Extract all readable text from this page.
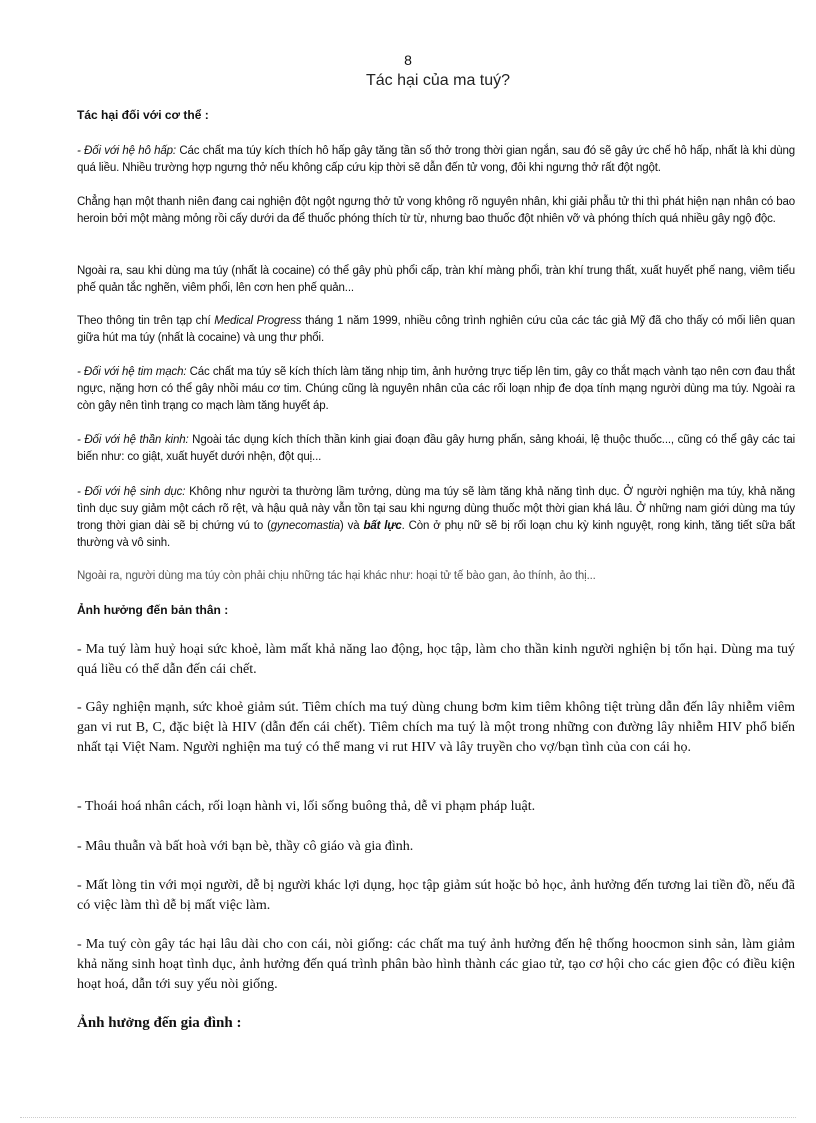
8
Tác hại của ma tuý?
Tác hại đối với cơ thể :
- Đối với hệ hô hấp: Các chất ma túy kích thích hô hấp gây tăng tần số thở trong thời gian ngắn, sau đó sẽ gây ức chế hô hấp, nhất là khi dùng quá liều. Nhiều trường hợp ngưng thở nếu không cấp cứu kịp thời sẽ dẫn đến tử vong, đôi khi ngưng thở rất đột ngột.
Chẳng hạn một thanh niên đang cai nghiện đột ngột ngưng thở tử vong không rõ nguyên nhân, khi giải phẫu tử thi thì phát hiện nạn nhân có bao heroin bởi một màng mỏng rồi cấy dưới da để thuốc phóng thích từ từ, nhưng bao thuốc đột nhiên vỡ và phóng thích quá nhiều gây ngộ độc.
Ngoài ra, sau khi dùng ma túy (nhất là cocaine) có thể gây phù phổi cấp, tràn khí màng phổi, tràn khí trung thất, xuất huyết phế nang, viêm tiểu phế quản tắc nghẽn, viêm phổi, lên cơn hen phế quản...
Theo thông tin trên tạp chí Medical Progress tháng 1 năm 1999, nhiều công trình nghiên cứu của các tác giả Mỹ đã cho thấy có mối liên quan giữa hút ma túy (nhất là cocaine) và ung thư phổi.
- Đối với hệ tim mạch: Các chất ma túy sẽ kích thích làm tăng nhịp tim, ảnh hưởng trực tiếp lên tim, gây co thắt mạch vành tạo nên cơn đau thắt ngực, nặng hơn có thể gây nhồi máu cơ tim. Chúng cũng là nguyên nhân của các rối loạn nhịp đe dọa tính mạng người dùng ma túy. Ngoài ra còn gây nên tình trạng co mạch làm tăng huyết áp.
- Đối với hệ thần kinh: Ngoài tác dụng kích thích thần kinh giai đoạn đầu gây hưng phấn, sảng khoái, lệ thuộc thuốc..., cũng có thể gây các tai biến như: co giật, xuất huyết dưới nhện, đột quị...
- Đối với hệ sinh dục: Không như người ta thường lầm tưởng, dùng ma túy sẽ làm tăng khả năng tình dục. Ở người nghiện ma túy, khả năng tình dục suy giảm một cách rõ rệt, và hậu quả này vẫn tồn tại sau khi ngưng dùng thuốc một thời gian khá lâu. Ở những nam giới dùng ma túy trong thời gian dài sẽ bị chứng vú to (gynecomastia) và bất lực. Còn ở phụ nữ sẽ bị rối loạn chu kỳ kinh nguyệt, rong kinh, tăng tiết sữa bất thường và vô sinh.
Ngoài ra, người dùng ma túy còn phải chịu những tác hại khác như: hoại tử tế bào gan, ảo thính, ảo thị...
Ảnh hưởng đến bản thân :
- Ma tuý làm huỷ hoại sức khoẻ, làm mất khả năng lao động, học tập, làm cho thần kinh người nghiện bị tổn hại. Dùng ma tuý quá liều có thể dẫn đến cái chết.
- Gây nghiện mạnh, sức khoẻ giảm sút. Tiêm chích ma tuý dùng chung bơm kim tiêm không tiệt trùng dẫn đến lây nhiễm viêm gan vi rut B, C, đặc biệt là HIV (dẫn đến cái chết). Tiêm chích ma tuý là một trong những con đường lây nhiễm HIV phổ biến nhất tại Việt Nam. Người nghiện ma tuý có thể mang vi rut HIV và lây truyền cho vợ/bạn tình của con cái họ.
- Thoái hoá nhân cách, rối loạn hành vi, lối sống buông thả, dễ vi phạm pháp luật.
- Mâu thuẫn và bất hoà với bạn bè, thầy cô giáo và gia đình.
- Mất lòng tin với mọi người, dễ bị người khác lợi dụng, học tập giảm sút hoặc bỏ học, ảnh hưởng đến tương lai tiền đồ, nếu đã có việc làm thì dễ bị mất việc làm.
- Ma tuý còn gây tác hại lâu dài cho con cái, nòi giống: các chất ma tuý ảnh hưởng đến hệ thống hoocmon sinh sản, làm giảm khả năng sinh hoạt tình dục, ảnh hưởng đến quá trình phân bào hình thành các giao tử, tạo cơ hội cho các gien độc có điều kiện hoạt hoá, dẫn tới suy yếu nòi giống.
Ảnh hưởng đến gia đình :
